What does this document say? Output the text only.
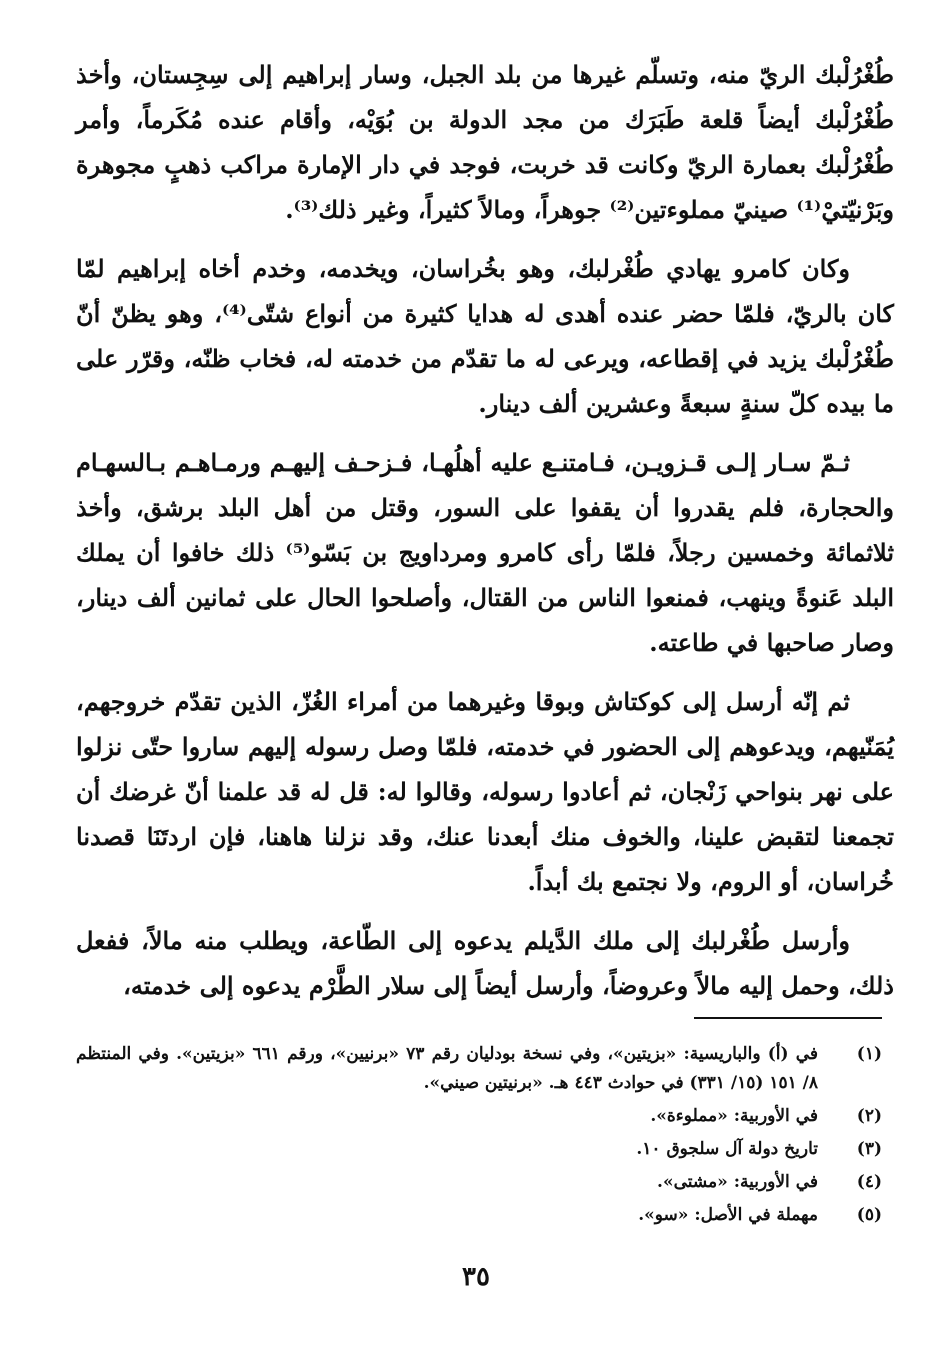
طُغْرُلْبك الريّ منه، وتسلّم غيرها من بلد الجبل، وسار إبراهيم إلى سِجِستان، وأخذ طُغْرُلْبك أيضاً قلعة طَبَرَك من مجد الدولة بن بُوَيْه، وأقام عنده مُكَرماً، وأمر طُغْرُلْبك بعمارة الريّ وكانت قد خربت، فوجد في دار الإمارة مراكب ذهبٍ مجوهرة وبَرْنيّتيْ⁽¹⁾ صينيّ مملوءتين⁽²⁾ جوهراً، ومالاً كثيراً، وغير ذلك⁽³⁾.

وكان كامرو يهادي طُغْرلبك، وهو بخُراسان، ويخدمه، وخدم أخاه إبراهيم لمّا كان بالريّ، فلمّا حضر عنده أهدى له هدايا كثيرة من أنواع شتّى⁽⁴⁾، وهو يظنّ أنّ طُغْرُلْبك يزيد في إقطاعه، ويرعى له ما تقدّم من خدمته له، فخاب ظنّه، وقرّر على ما بيده كلّ سنةٍ سبعةً وعشرين ألف دينار.

ثـمّ سـار إلـى قـزويـن، فـامتنـع عليه أهلُهـا، فـزحـف إليهـم ورمـاهـم بـالسهـام والحجارة، فلم يقدروا أن يقفوا على السور، وقتل من أهل البلد برشق، وأخذ ثلاثمائة وخمسين رجلاً، فلمّا رأى كامرو ومرداويج بن بَسّو⁽⁵⁾ ذلك خافوا أن يملك البلد عَنوةً وينهب، فمنعوا الناس من القتال، وأصلحوا الحال على ثمانين ألف دينار، وصار صاحبها في طاعته.

ثم إنّه أرسل إلى كوكتاش وبوقا وغيرهما من أمراء الغُزّ، الذين تقدّم خروجهم، يُمَنّيهم، ويدعوهم إلى الحضور في خدمته، فلمّا وصل رسوله إليهم ساروا حتّى نزلوا على نهر بنواحي زَنْجان، ثم أعادوا رسوله، وقالوا له: قل له قد علمنا أنّ غرضك أن تجمعنا لتقبض علينا، والخوف منك أبعدنا عنك، وقد نزلنا هاهنا، فإن اردتَنَا قصدنا خُراسان، أو الروم، ولا نجتمع بك أبداً.

وأرسل طُغْرلبك إلى ملك الدَّيلم يدعوه إلى الطّاعة، ويطلب منه مالاً، ففعل ذلك، وحمل إليه مالاً وعروضاً، وأرسل أيضاً إلى سلار الطَّرْم يدعوه إلى خدمته،

(١)
في (أ) والباريسية: «بزيتين»، وفي نسخة بودليان رقم ٧٣ «برنيين»، ورقم ٦٦١ «بزيتين». وفي المنتظم ٨/ ١٥١ (١٥/ ٣٣١) في حوادث ٤٤٣ هـ. «برنيتين صيني».
(٢)
في الأوربية: «مملوءة».
(٣)
تاريخ دولة آل سلجوق ١٠.
(٤)
في الأوربية: «مشتى».
(٥)
مهملة في الأصل: «سو».
٣٥
